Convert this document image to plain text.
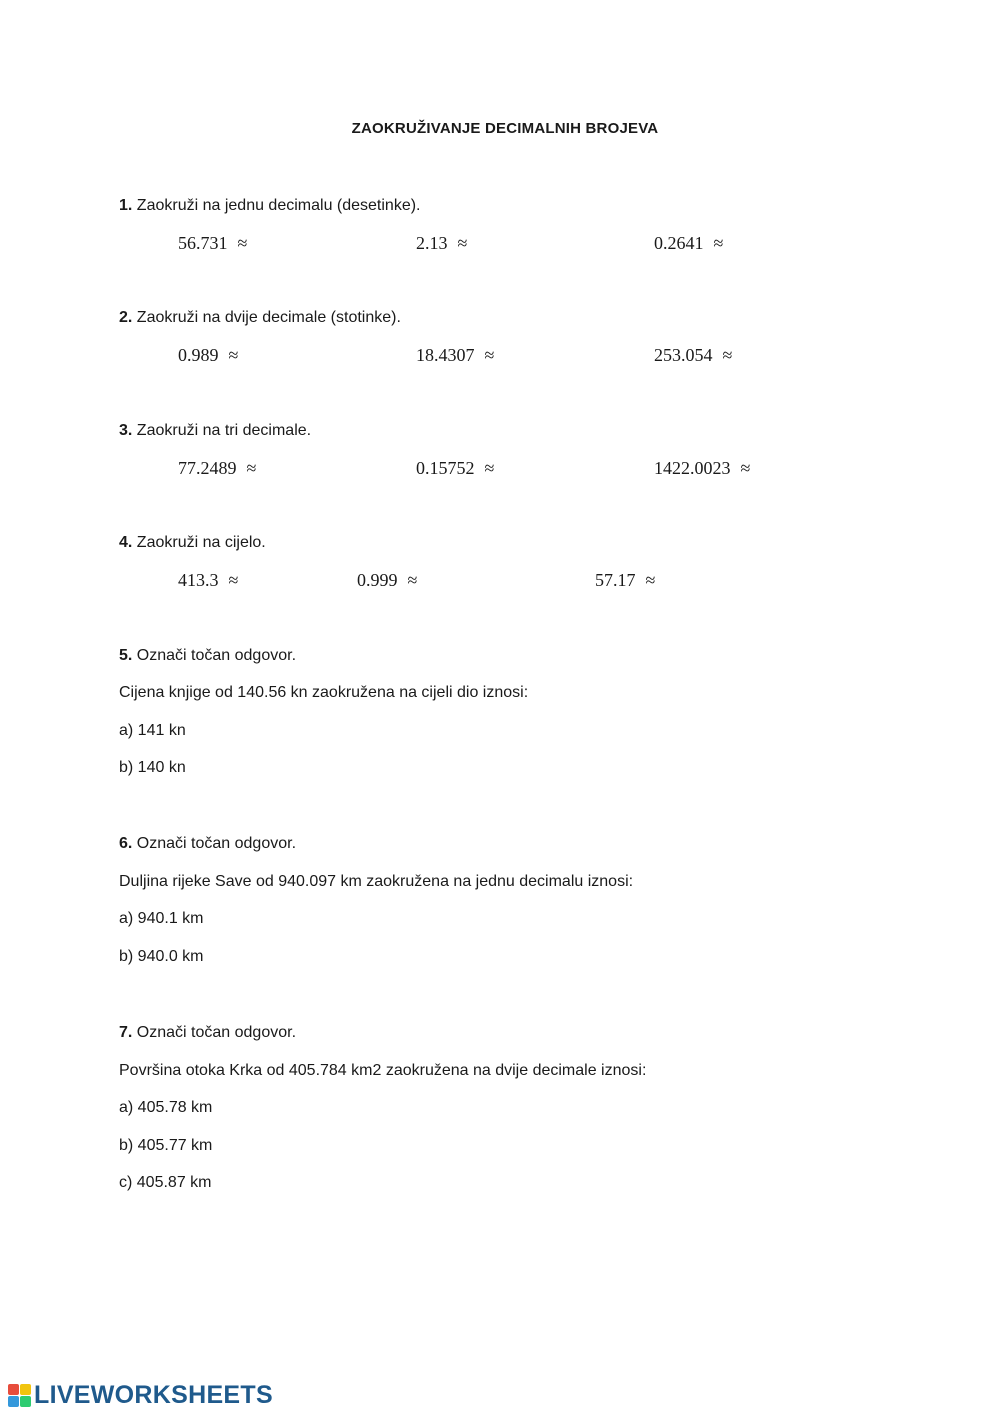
ZAOKRUŽIVANJE DECIMALNIH BROJEVA
1. Zaokruži na jednu decimalu (desetinke).
56.731 ≈	2.13 ≈	0.2641 ≈
2. Zaokruži na dvije decimale (stotinke).
0.989 ≈	18.4307 ≈	253.054 ≈
3. Zaokruži na tri decimale.
77.2489 ≈	0.15752 ≈	1422.0023 ≈
4. Zaokruži na cijelo.
413.3 ≈	0.999 ≈	57.17 ≈
5. Označi točan odgovor.
Cijena knjige od 140.56 kn zaokružena na cijeli dio iznosi:
a) 141 kn
b) 140 kn
6. Označi točan odgovor.
Duljina rijeke Save od 940.097 km zaokružena na jednu decimalu iznosi:
a) 940.1 km
b) 940.0 km
7. Označi točan odgovor.
Površina otoka Krka od 405.784 km2 zaokružena na dvije decimale iznosi:
a) 405.78 km
b) 405.77 km
c) 405.87 km
LIVEWORKSHEETS
